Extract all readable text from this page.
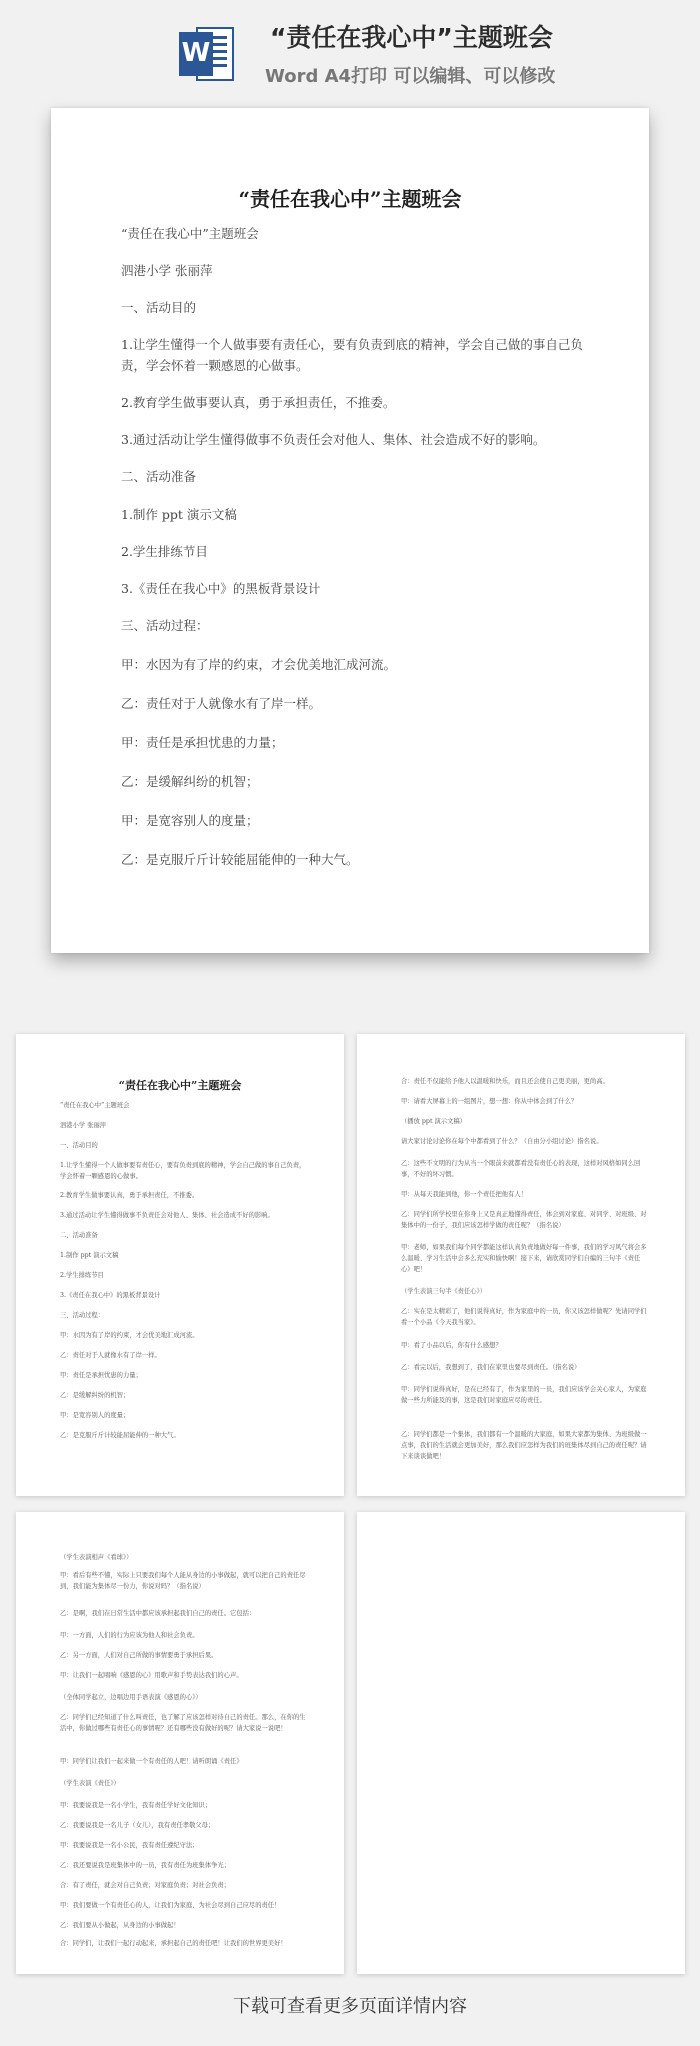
W
“责任在我心中”主题班会
Word A4打印 可以编辑、可以修改
“责任在我心中”主题班会
“责任在我心中”主题班会
泗港小学 张丽萍
一、活动目的
1.让学生懂得一个人做事要有责任心，要有负责到底的精神，学会自己做的事自己负责，学会怀着一颗感恩的心做事。
2.教育学生做事要认真，勇于承担责任，不推委。
3.通过活动让学生懂得做事不负责任会对他人、集体、社会造成不好的影响。
二、活动准备
1.制作 ppt 演示文稿
2.学生排练节目
3.《责任在我心中》的黑板背景设计
三、活动过程：
甲：水因为有了岸的约束，才会优美地汇成河流。
乙：责任对于人就像水有了岸一样。
甲：责任是承担忧患的力量；
乙：是缓解纠纷的机智；
甲：是宽容别人的度量；
乙：是克服斤斤计较能屈能伸的一种大气。
“责任在我心中”主题班会
“责任在我心中”主题班会
泗港小学 张丽萍
一、活动目的
1.让学生懂得一个人做事要有责任心，要有负责到底的精神，学会自己做的事自己负责，学会怀着一颗感恩的心做事。
2.教育学生做事要认真，勇于承担责任，不推委。
3.通过活动让学生懂得做事不负责任会对他人、集体、社会造成不好的影响。
二、活动准备
1.制作 ppt 演示文稿
2.学生排练节目
3.《责任在我心中》的黑板背景设计
三、活动过程：
甲：水因为有了岸的约束，才会优美地汇成河流。
乙：责任对于人就像水有了岸一样。
甲：责任是承担忧患的力量；
乙：是缓解纠纷的机智；
甲：是宽容别人的度量；
乙：是克服斤斤计较能屈能伸的一种大气。
合：责任不仅能给予他人以温暖和快乐，而且还会使自己更美丽，更尚高。
甲：请看大屏幕上的一组图片，想一想：你从中体会到了什么？
（播放 ppt 演示文稿）
请大家讨论讨论你在每个中都看到了什么？（自由分小组讨论）指名说。
乙：这些不文明的行为从当一个眼前来就都看没有责任心的表现，这样对风格如同么回事，不好的坏习惯。
甲：从每天我能到他，你一个责任把他有人！
乙：同学们所学校里在你身上又是真正地懂得责任，体会到对家庭、对同学、对班级、对集体中的一份子，我们应该怎样学做的责任呢？（指名说）
甲：老师，如果我们每个同学都能这样认真负责地做好每一件事，我们的学习风气将会多么温暖、学习生活中会多么充实和愉快啊！接下来，请欣赏同学们自编的三句半《责任心》吧！
（学生表演三句半《责任心》）
乙：实在是太精彩了，他们说得真好，作为家庭中的一员，你又该怎样做呢？先请同学们看一个小品《今天我当家》。
甲：看了小品以后，你有什么感想？
乙：看完以后，我想到了，我们在家里也要尽到责任。（指名说）
甲：同学们说得真好，是在已经有了，作为家里的一员，我们应该学会关心家人，为家庭做一些力所能及的事，这是我们对家庭应尽的责任。
乙：同学们都是一个集体，我们都有一个温暖的大家庭，如果大家都为集体、为班级做一点事，我们的生活就会更加美好，那么我们应怎样为我们的班集体尽到自己的责任呢？请下来谈谈做吧！
（学生表演相声《看球》）
甲：看后有些不懂，实际上只要我们每个人能从身边的小事做起，就可以把自己的责任尽到，我们能为集体尽一份力，你说对吗？（指名说）
乙：是啊，我们在日常生活中都应该承担起我们自己的责任。它包括：
甲：一方面，人们的行为应该为他人和社会负责。
乙：另一方面，人们对自己所做的事情要勇于承担后果。
甲：让我们一起唱响《感恩的心》用歌声和手势表达我们的心声。
（全体同学起立，边唱边用手语表演《感恩的心》）
乙：同学们已经知道了什么叫责任，也了解了应该怎样对待自己的责任。那么，在你的生活中，你做过哪些有责任心的事情呢？还有哪些没有做好的呢？请大家说一说吧！
甲：同学们让我们一起来做一个有责任的人吧！请听朗诵《责任》
（学生表演《责任》）
甲：我要说我是一名小学生，我有责任学好文化知识；
乙：我要说我是一名儿子（女儿），我有责任孝敬父母；
甲：我要说我是一名小公民，我有责任遵纪守法；
乙：我还要说我是班集体中的一员，我有责任为班集体争光；
合：有了责任，就会对自己负责；对家庭负责；对社会负责；
甲：我们要做一个有责任心的人，让我们为家庭、为社会尽到自己应尽的责任！
乙：我们要从小做起，从身边的小事做起！
合：同学们，让我们一起行动起来，承担起自己的责任吧！让我们的世界更美好！
下载可查看更多页面详情内容
